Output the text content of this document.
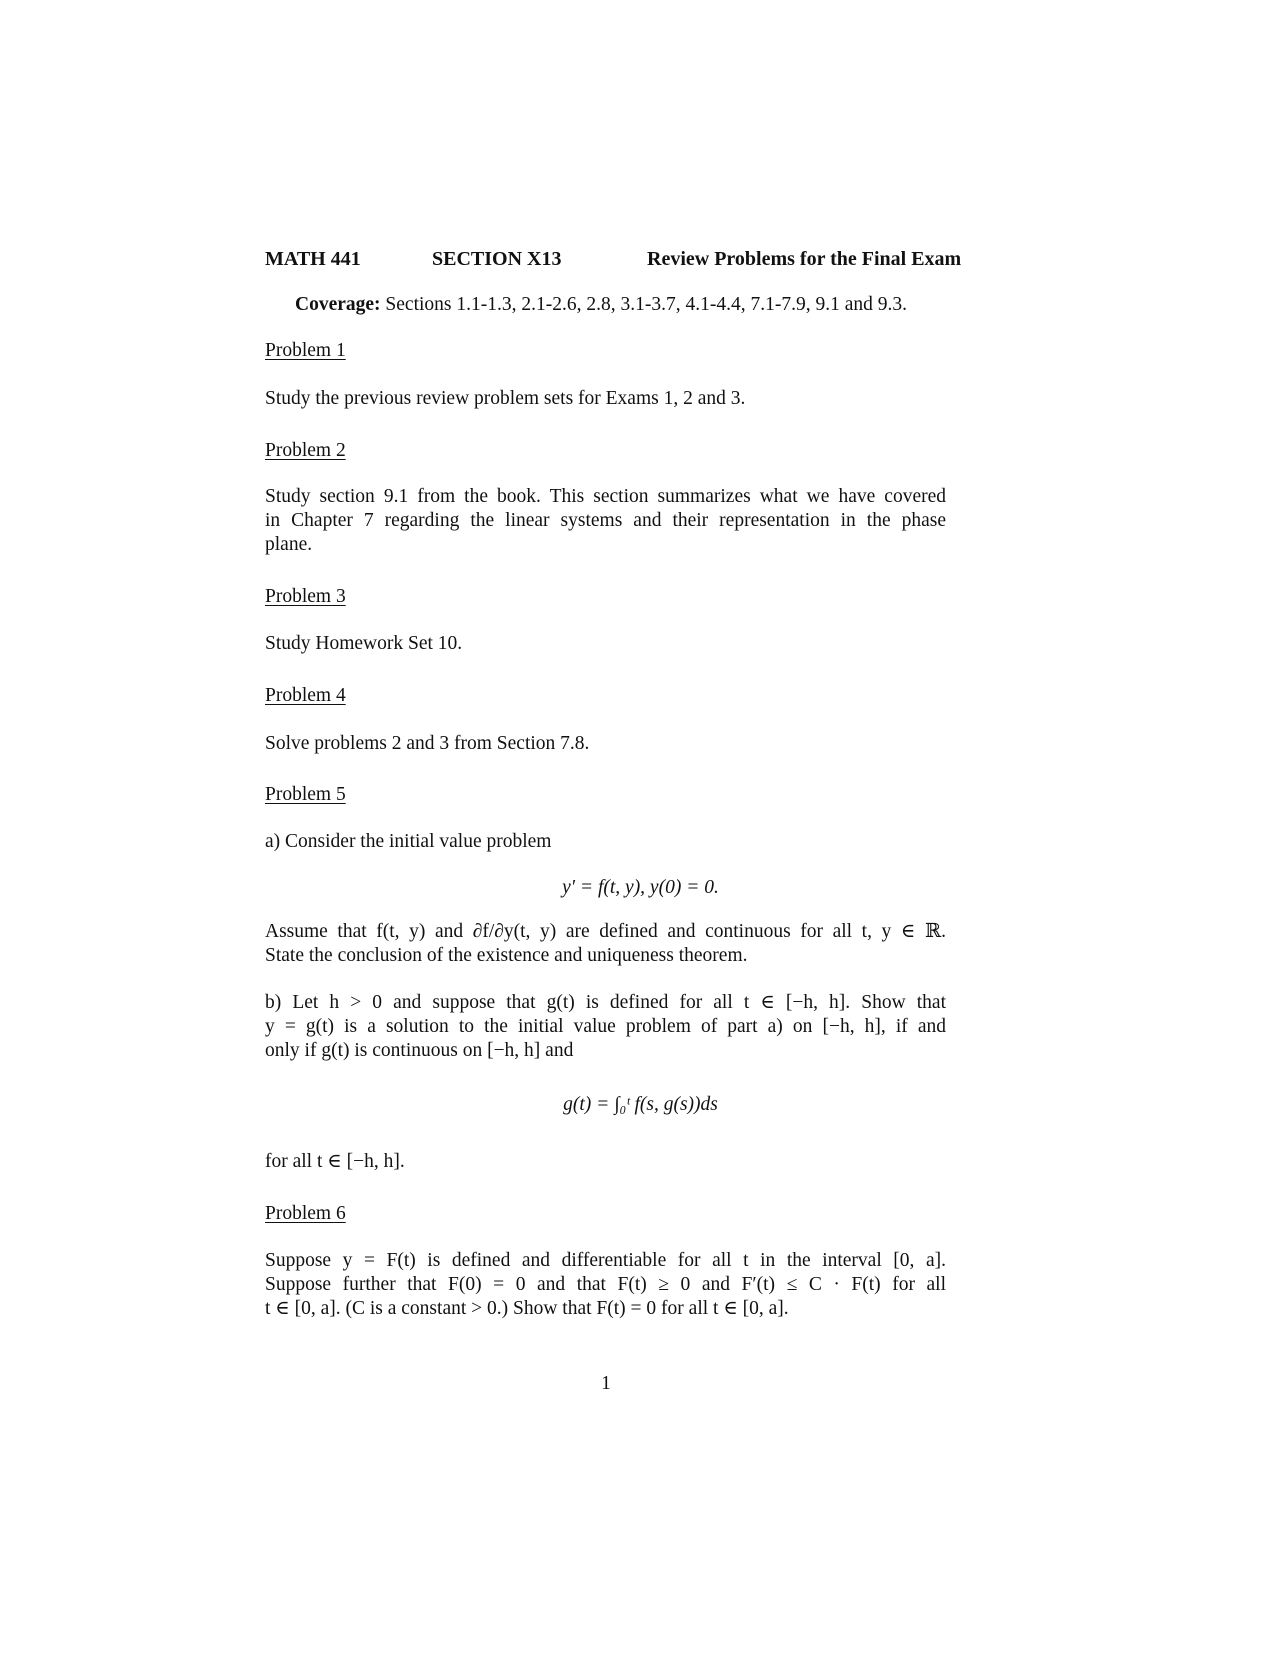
MATH 441	SECTION X13	Review Problems for the Final Exam
Coverage: Sections 1.1-1.3, 2.1-2.6, 2.8, 3.1-3.7, 4.1-4.4, 7.1-7.9, 9.1 and 9.3.
Problem 1
Study the previous review problem sets for Exams 1, 2 and 3.
Problem 2
Study section 9.1 from the book. This section summarizes what we have covered
in Chapter 7 regarding the linear systems and their representation in the phase
plane.
Problem 3
Study Homework Set 10.
Problem 4
Solve problems 2 and 3 from Section 7.8.
Problem 5
a) Consider the initial value problem
y′ = f(t, y), y(0) = 0.
Assume that f(t, y) and ∂f/∂y(t, y) are defined and continuous for all t, y ∈ ℝ.
State the conclusion of the existence and uniqueness theorem.
b) Let h > 0 and suppose that g(t) is defined for all t ∈ [−h, h]. Show that
y = g(t) is a solution to the initial value problem of part a) on [−h, h], if and
only if g(t) is continuous on [−h, h] and
g(t) = ∫₀ᵗ f(s, g(s))ds
for all t ∈ [−h, h].
Problem 6
Suppose y = F(t) is defined and differentiable for all t in the interval [0, a].
Suppose further that F(0) = 0 and that F(t) ≥ 0 and F′(t) ≤ C · F(t) for all
t ∈ [0, a]. (C is a constant > 0.) Show that F(t) = 0 for all t ∈ [0, a].
1
